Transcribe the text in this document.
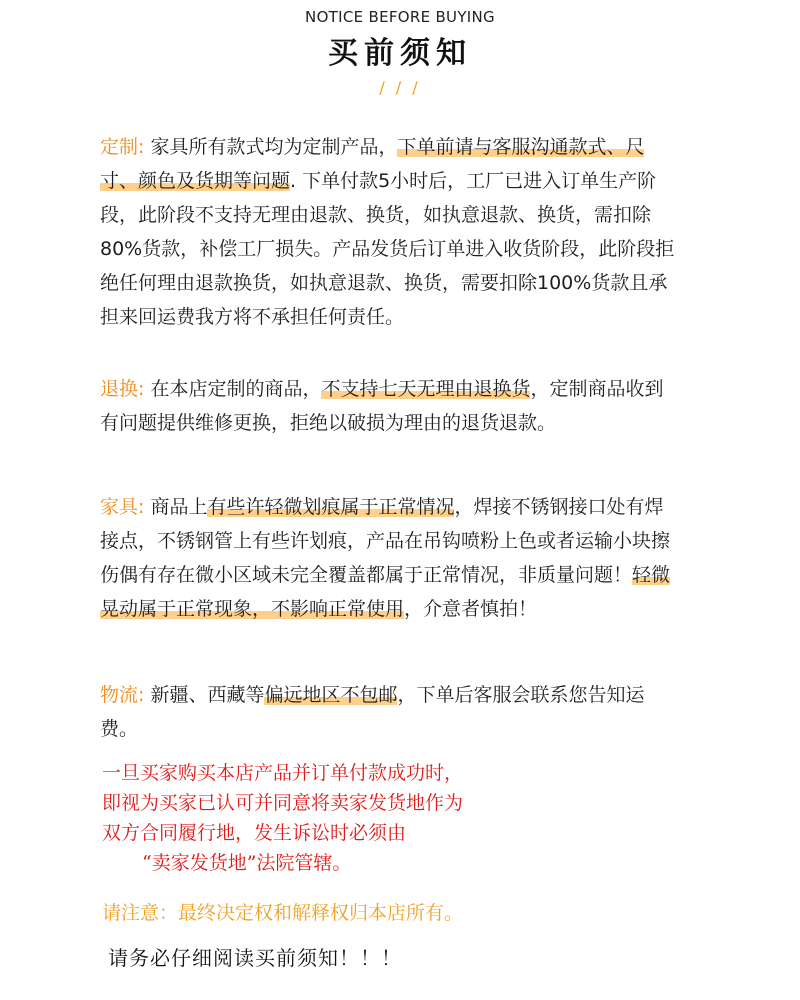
NOTICE BEFORE BUYING
买前须知
/ / /

定制: 家具所有款式均为定制产品，下单前请与客服沟通款式、尺寸、颜色及货期等问题. 下单付款5小时后，工厂已进入订单生产阶段，此阶段不支持无理由退款、换货，如执意退款、换货，需扣除80%货款，补偿工厂损失。产品发货后订单进入收货阶段，此阶段拒绝任何理由退款换货，如执意退款、换货，需要扣除100%货款且承担来回运费我方将不承担任何责任。

退换: 在本店定制的商品，不支持七天无理由退换货，定制商品收到有问题提供维修更换，拒绝以破损为理由的退货退款。

家具: 商品上有些许轻微划痕属于正常情况，焊接不锈钢接口处有焊接点，不锈钢管上有些许划痕，产品在吊钩喷粉上色或者运输小块擦伤偶有存在微小区域未完全覆盖都属于正常情况，非质量问题！轻微晃动属于正常现象，不影响正常使用，介意者慎拍！

物流: 新疆、西藏等偏远地区不包邮，下单后客服会联系您告知运费。

一旦买家购买本店产品并订单付款成功时，

即视为买家已认可并同意将卖家发货地作为

双方合同履行地，发生诉讼时必须由

“卖家发货地”法院管辖。

请注意：最终决定权和解释权归本店所有。

请务必仔细阅读买前须知！！！
